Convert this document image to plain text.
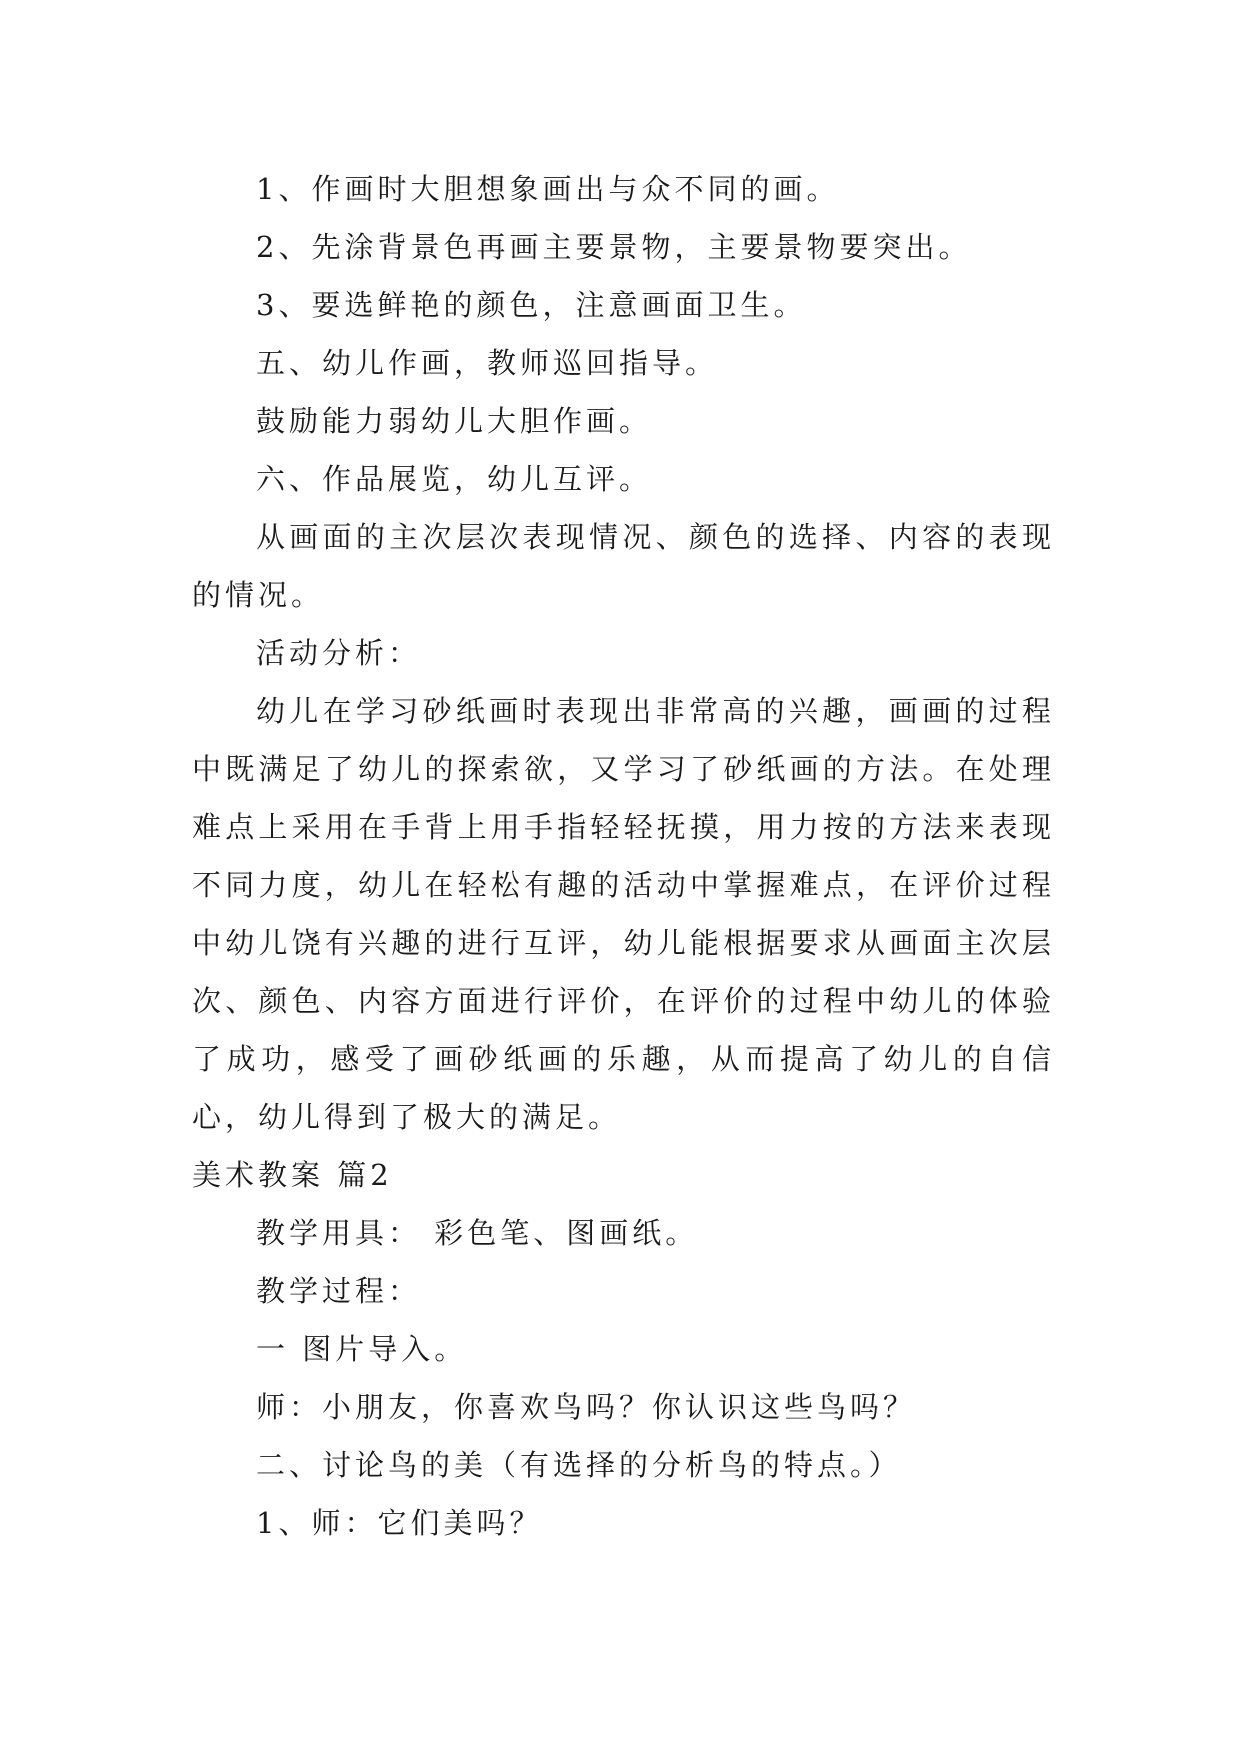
1、作画时大胆想象画出与众不同的画。

2、先涂背景色再画主要景物，主要景物要突出。

3、要选鲜艳的颜色，注意画面卫生。

五、幼儿作画，教师巡回指导。

鼓励能力弱幼儿大胆作画。

六、作品展览，幼儿互评。

从画面的主次层次表现情况、颜色的选择、内容的表现的情况。

活动分析：

幼儿在学习砂纸画时表现出非常高的兴趣，画画的过程中既满足了幼儿的探索欲，又学习了砂纸画的方法。在处理难点上采用在手背上用手指轻轻抚摸，用力按的方法来表现不同力度，幼儿在轻松有趣的活动中掌握难点，在评价过程中幼儿饶有兴趣的进行互评，幼儿能根据要求从画面主次层次、颜色、内容方面进行评价，在评价的过程中幼儿的体验了成功，感受了画砂纸画的乐趣，从而提高了幼儿的自信心，幼儿得到了极大的满足。

美术教案 篇2

教学用具： 彩色笔、图画纸。

教学过程：

一 图片导入。

师：小朋友，你喜欢鸟吗？你认识这些鸟吗？

二、讨论鸟的美（有选择的分析鸟的特点。）

1、师：它们美吗？
